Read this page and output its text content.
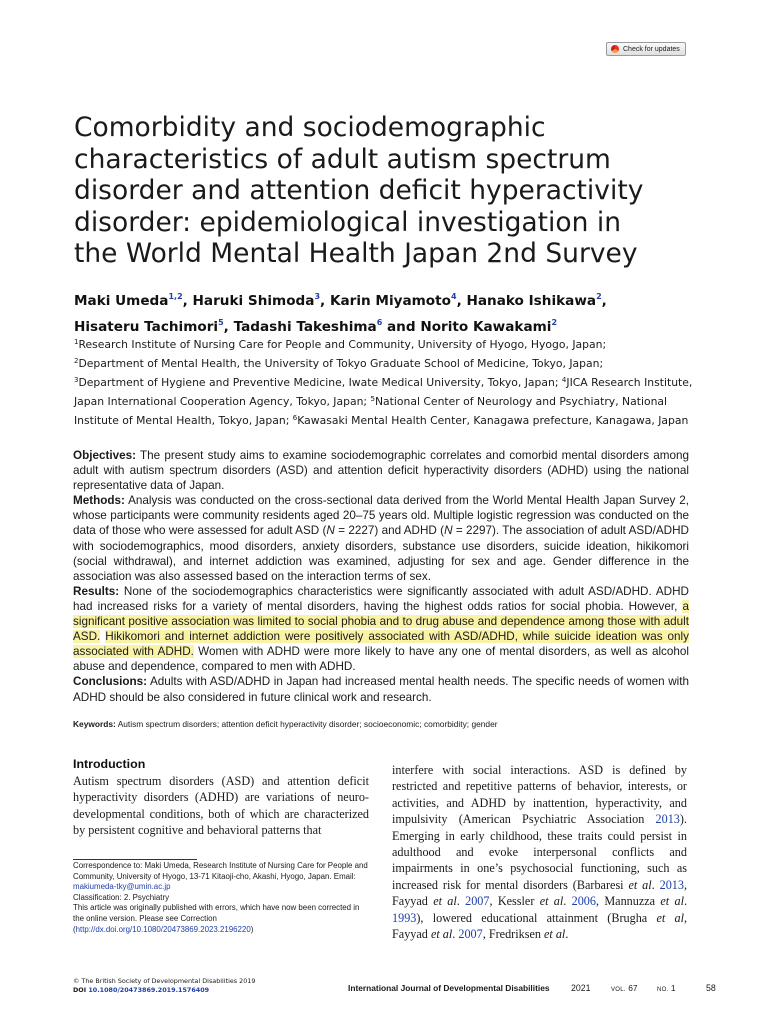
Check for updates
Comorbidity and sociodemographic
characteristics of adult autism spectrum
disorder and attention deficit hyperactivity
disorder: epidemiological investigation in
the World Mental Health Japan 2nd Survey
Maki Umeda$^{1,2}$, Haruki Shimoda$^3$, Karin Miyamoto$^4$, Hanako Ishikawa$^2$,
Hisateru Tachimori$^5$, Tadashi Takeshima$^6$ and Norito Kawakami$^2$
$^1$Research Institute of Nursing Care for People and Community, University of Hyogo, Hyogo, Japan;
$^2$Department of Mental Health, the University of Tokyo Graduate School of Medicine, Tokyo, Japan;
$^3$Department of Hygiene and Preventive Medicine, Iwate Medical University, Tokyo, Japan; $^4$JICA Research Institute, Japan International Cooperation Agency, Tokyo, Japan; $^5$National Center of Neurology and Psychiatry, National Institute of Mental Health, Tokyo, Japan; $^6$Kawasaki Mental Health Center, Kanagawa prefecture, Kanagawa, Japan

Objectives: The present study aims to examine sociodemographic correlates and comorbid mental disorders among adult with autism spectrum disorders (ASD) and attention deficit hyperactivity disorders (ADHD) using the national representative data of Japan.

Methods: Analysis was conducted on the cross-sectional data derived from the World Mental Health Japan Survey 2, whose participants were community residents aged 20–75 years old. Multiple logistic regression was conducted on the data of those who were assessed for adult ASD (N = 2227) and ADHD (N = 2297). The association of adult ASD/ADHD with sociodemographics, mood disorders, anxiety disorders, substance use disorders, suicide ideation, hikikomori (social withdrawal), and internet addiction was examined, adjusting for sex and age. Gender difference in the association was also assessed based on the interaction terms of sex.

Results: None of the sociodemographics characteristics were significantly associated with adult ASD/ADHD. ADHD had increased risks for a variety of mental disorders, having the highest odds ratios for social phobia. However, a significant positive association was limited to social phobia and to drug abuse and dependence among those with adult ASD. Hikikomori and internet addiction were positively associated with ASD/ADHD, while suicide ideation was only associated with ADHD. Women with ADHD were more likely to have any one of mental disorders, as well as alcohol abuse and dependence, compared to men with ADHD.

Conclusions: Adults with ASD/ADHD in Japan had increased mental health needs. The specific needs of women with ADHD should be also considered in future clinical work and research.

Keywords: Autism spectrum disorders; attention deficit hyperactivity disorder; socioeconomic; comorbidity; gender
Introduction

Autism spectrum disorders (ASD) and attention deficit hyperactivity disorders (ADHD) are variations of neuro-developmental conditions, both of which are characterized by persistent cognitive and behavioral patterns that

interfere with social interactions. ASD is defined by restricted and repetitive patterns of behavior, interests, or activities, and ADHD by inattention, hyperactivity, and impulsivity (American Psychiatric Association 2013). Emerging in early childhood, these traits could persist in adulthood and evoke interpersonal conflicts and impairments in one’s psychosocial functioning, such as increased risk for mental disorders (Barbaresi et al. 2013, Fayyad et al. 2007, Kessler et al. 2006, Mannuzza et al. 1993), lowered educational attainment (Brugha et al, Fayyad et al. 2007, Fredriksen et al.

Correspondence to: Maki Umeda, Research Institute of Nursing Care for People and Community, University of Hyogo, 13-71 Kitaoji-cho, Akashi, Hyogo, Japan. Email: makiumeda-tky@umin.ac.jp

Classification: 2. Psychiatry

This article was originally published with errors, which have now been corrected in the online version. Please see Correction (http://dx.doi.org/10.1080/20473869.2023.2196220)

© The British Society of Developmental Disabilities 2019
DOI 10.1080/20473869.2019.1576409	International Journal of Developmental Disabilities 2021	VOL. 67	NO. 1	58
